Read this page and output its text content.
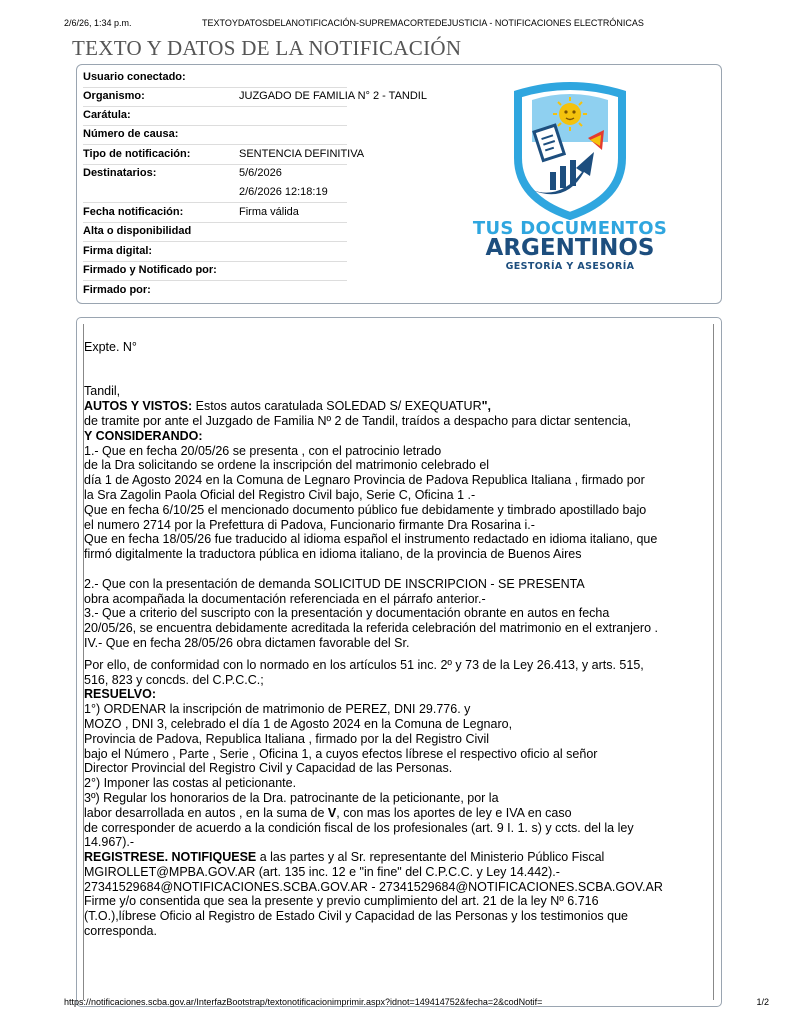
2/6/26, 1:34 p.m.	TEXTOYDATOSDELANOTIFICACIÓN-SUPREMACORTEDEJUSTICIA - NOTIFICACIONES ELECTRÓNICAS
TEXTO Y DATOS DE LA NOTIFICACIÓN
Usuario conectado:
Organismo:	JUZGADO DE FAMILIA N° 2 - TANDIL
Carátula:
Número de causa:
Tipo de notificación:	SENTENCIA DEFINITIVA
Destinatarios:	5/6/2026
2/6/2026 12:18:19
Fecha notificación:	Firma válida
Alta o disponibilidad
Firma digital:
Firmado y Notificado por:
Firmado por:
TUS DOCUMENTOS
ARGENTINOS
GESTORÍA Y ASESORÍA

Expte. N°

Tandil,

AUTOS Y VISTOS: Estos autos caratulada SOLEDAD S/ EXEQUATUR",

de tramite por ante el Juzgado de Familia Nº 2 de Tandil, traídos a despacho para dictar sentencia,

Y CONSIDERANDO:

1.- Que en fecha 20/05/26 se presenta , con el patrocinio letrado

de la Dra solicitando se ordene la inscripción del matrimonio celebrado el

día 1 de Agosto 2024 en la Comuna de Legnaro Provincia de Padova Republica Italiana , firmado por

la Sra Zagolin Paola Oficial del Registro Civil bajo, Serie C, Oficina 1 .-

Que en fecha 6/10/25 el mencionado documento público fue debidamente y timbrado apostillado bajo

el numero 2714 por la Prefettura di Padova, Funcionario firmante Dra Rosarina i.-

Que en fecha 18/05/26 fue traducido al idioma español el instrumento redactado en idioma italiano, que

firmó digitalmente la traductora pública en idioma italiano, de la provincia de Buenos Aires

2.- Que con la presentación de demanda SOLICITUD DE INSCRIPCION - SE PRESENTA

obra acompañada la documentación referenciada en el párrafo anterior.-

3.- Que a criterio del suscripto con la presentación y documentación obrante en autos en fecha

20/05/26, se encuentra debidamente acreditada la referida celebración del matrimonio en el extranjero .

IV.- Que en fecha 28/05/26 obra dictamen favorable del Sr.

Por ello, de conformidad con lo normado en los artículos 51 inc. 2º y 73 de la Ley 26.413, y arts. 515,

516, 823 y concds. del C.P.C.C.;

RESUELVO:

1°) ORDENAR la inscripción de matrimonio de PEREZ, DNI 29.776. y

MOZO , DNI 3, celebrado el día 1 de Agosto 2024 en la Comuna de Legnaro,

Provincia de Padova, Republica Italiana , firmado por la del Registro Civil

bajo el Número , Parte , Serie , Oficina 1, a cuyos efectos líbrese el respectivo oficio al señor

Director Provincial del Registro Civil y Capacidad de las Personas.

2°) Imponer las costas al peticionante.

3º) Regular los honorarios de la Dra. patrocinante de la peticionante, por la

labor desarrollada en autos , en la suma de V, con mas los aportes de ley e IVA en caso

de corresponder de acuerdo a la condición fiscal de los profesionales (art. 9 I. 1. s) y ccts. del la ley

14.967).-

REGISTRESE. NOTIFIQUESE a las partes y al Sr. representante del Ministerio Público Fiscal

MGIROLLET@MPBA.GOV.AR (art. 135 inc. 12 e "in fine" del C.P.C.C. y Ley 14.442).-

27341529684@NOTIFICACIONES.SCBA.GOV.AR - 27341529684@NOTIFICACIONES.SCBA.GOV.AR

Firme y/o consentida que sea la presente y previo cumplimiento del art. 21 de la ley Nº 6.716

(T.O.),líbrese Oficio al Registro de Estado Civil y Capacidad de las Personas y los testimonios que

corresponda.

https://notificaciones.scba.gov.ar/InterfazBootstrap/textonotificacionimprimir.aspx?idnot=149414752&fecha=2&codNotif=	1/2
